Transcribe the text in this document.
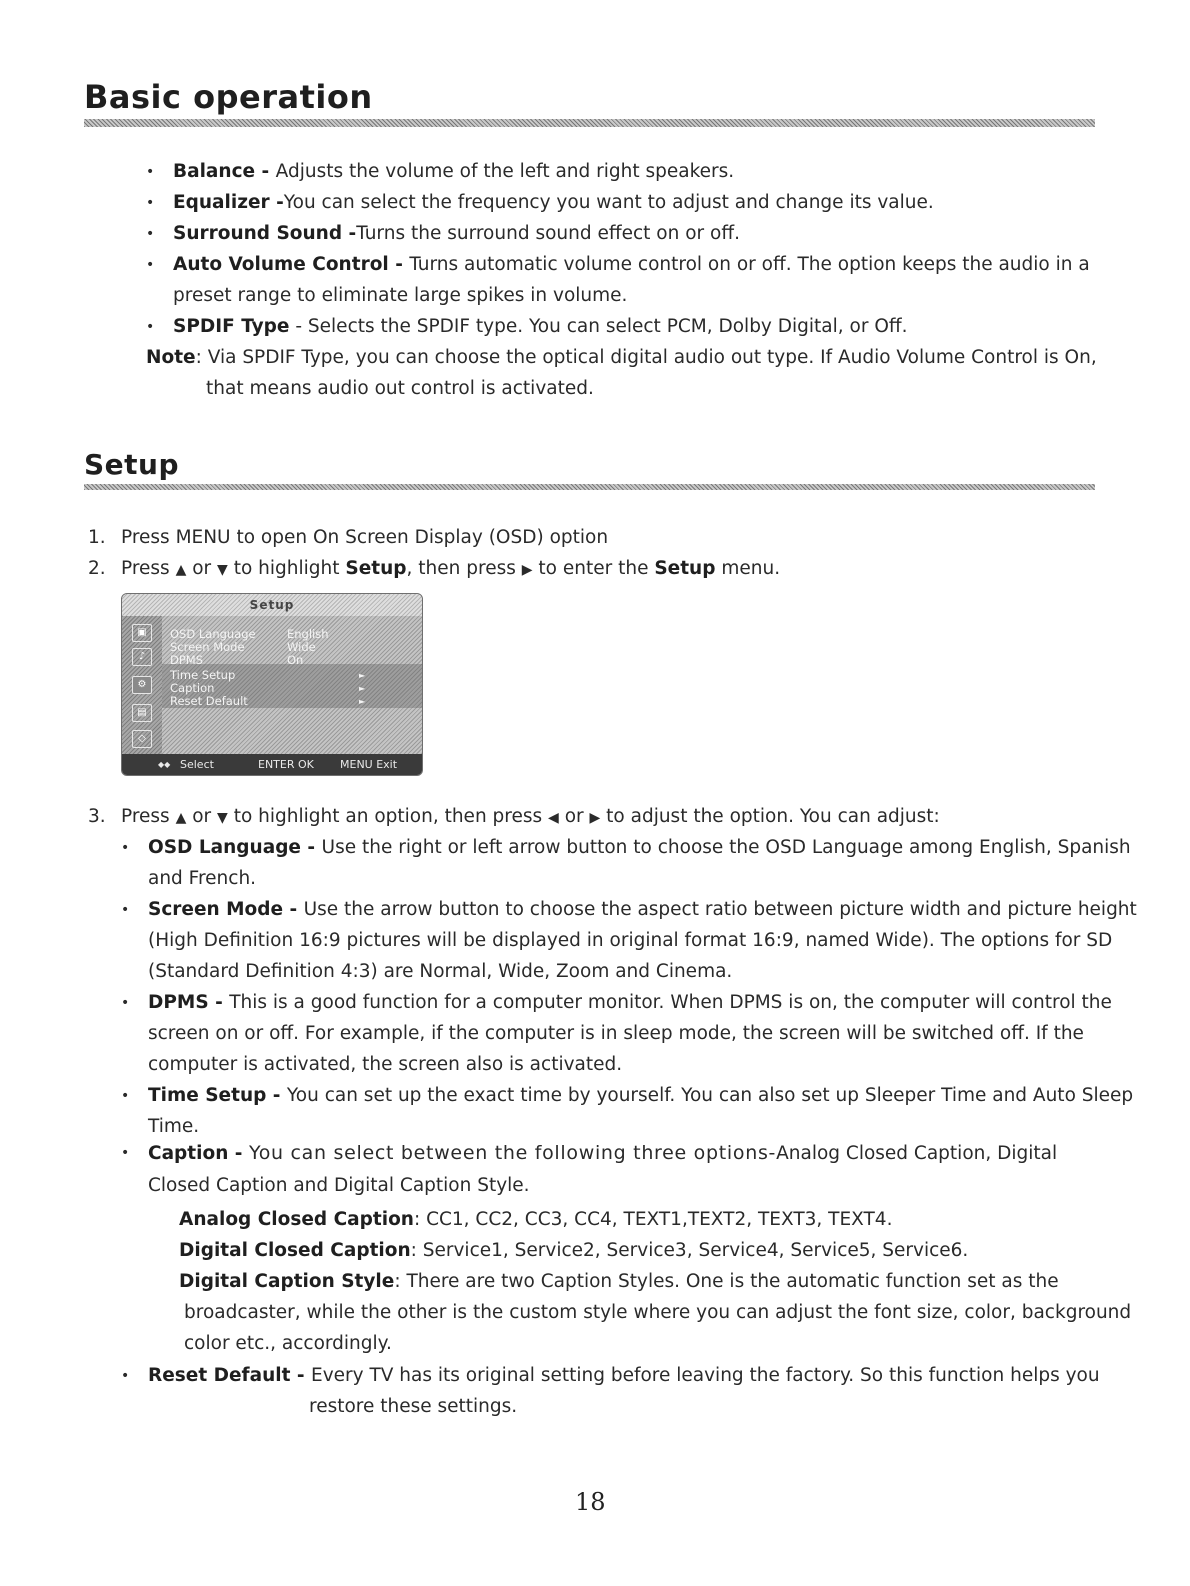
Basic operation
• Balance - Adjusts the volume of the left and right speakers.
• Equalizer -You can select the frequency you want to adjust and change its value.
• Surround Sound -Turns the surround sound effect on or off.
• Auto Volume Control - Turns automatic volume control on or off. The option keeps the audio in a
preset range to eliminate large spikes in volume.
• SPDIF Type - Selects the SPDIF type. You can select PCM, Dolby Digital, or Off.
Note: Via SPDIF Type, you can choose the optical digital audio out type. If Audio Volume Control is On,
that means audio out control is activated.
Setup
1. Press MENU to open On Screen Display (OSD) option
2. Press ▲ or ▼ to highlight Setup, then press ▶ to enter the Setup menu.
Setup
▣
♪
⚙
▤
◇
OSD Language	English
Screen Mode	Wide
DPMS	On
Time Setup	►
Caption	►
Reset Default	►
◆◆ Select	ENTER OK MENU Exit
3. Press ▲ or ▼ to highlight an option, then press ◀ or ▶ to adjust the option. You can adjust:
• OSD Language - Use the right or left arrow button to choose the OSD Language among English, Spanish
and French.
• Screen Mode - Use the arrow button to choose the aspect ratio between picture width and picture height
(High Definition 16:9 pictures will be displayed in original format 16:9, named Wide). The options for SD
(Standard Definition 4:3) are Normal, Wide, Zoom and Cinema.
• DPMS - This is a good function for a computer monitor. When DPMS is on, the computer will control the
screen on or off. For example, if the computer is in sleep mode, the screen will be switched off. If the
computer is activated, the screen also is activated.
• Time Setup - You can set up the exact time by yourself. You can also set up Sleeper Time and Auto Sleep
Time.
• Caption - You can select between the following three options-Analog Closed Caption, Digital
Closed Caption and Digital Caption Style.
Analog Closed Caption: CC1, CC2, CC3, CC4, TEXT1,TEXT2, TEXT3, TEXT4.
Digital Closed Caption: Service1, Service2, Service3, Service4, Service5, Service6.
Digital Caption Style: There are two Caption Styles. One is the automatic function set as the
broadcaster, while the other is the custom style where you can adjust the font size, color, background
color etc., accordingly.
• Reset Default - Every TV has its original setting before leaving the factory. So this function helps you
restore these settings.
18
